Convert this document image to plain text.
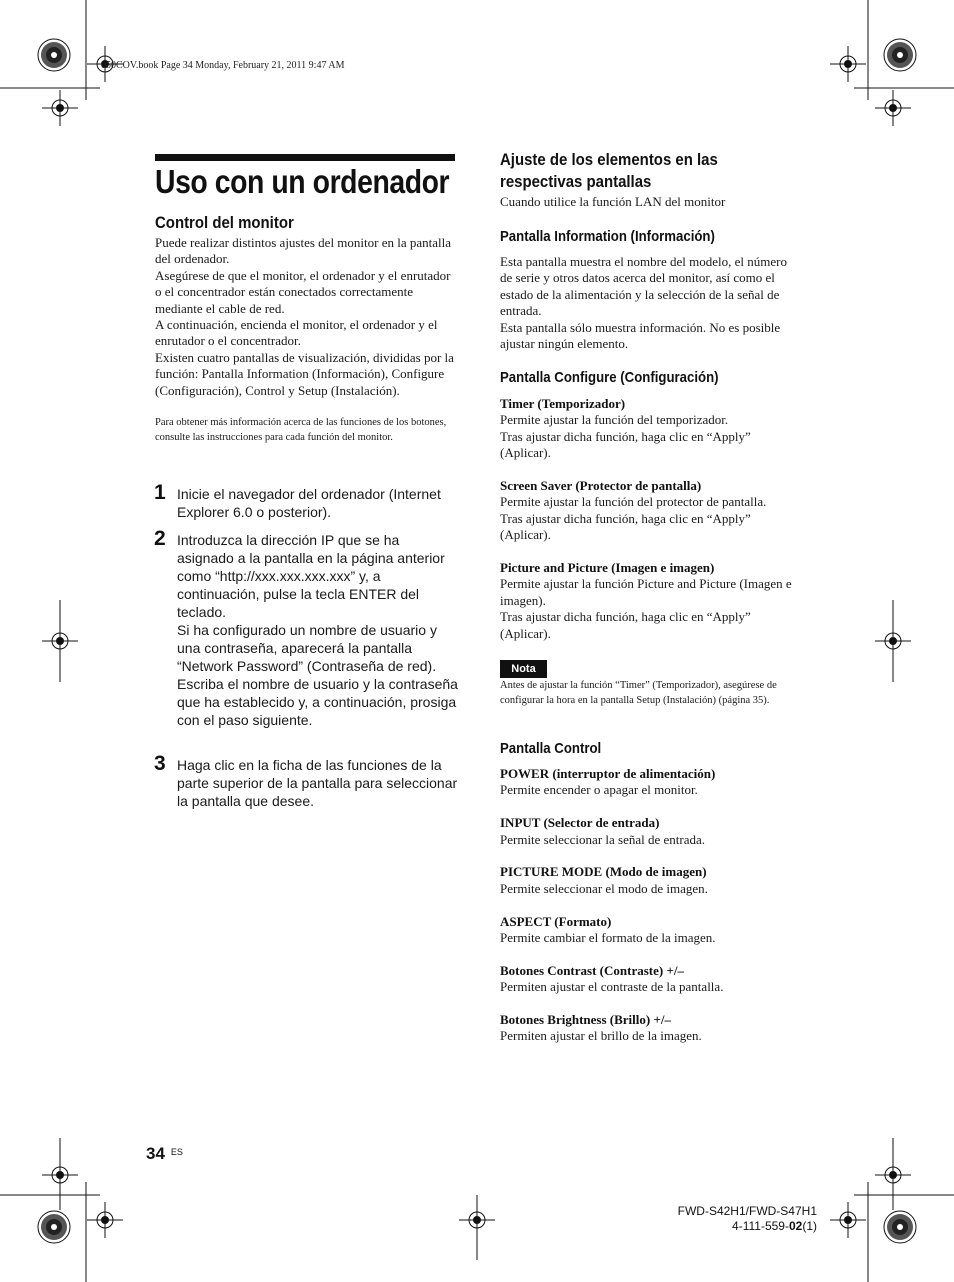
050COV.book Page 34 Monday, February 21, 2011 9:47 AM
Uso con un ordenador
Control del monitor

Puede realizar distintos ajustes del monitor en la pantalla del ordenador.

Asegúrese de que el monitor, el ordenador y el enrutador o el concentrador están conectados correctamente mediante el cable de red.

A continuación, encienda el monitor, el ordenador y el enrutador o el concentrador.

Existen cuatro pantallas de visualización, divididas por la función: Pantalla Information (Información), Configure (Configuración), Control y Setup (Instalación).

Para obtener más información acerca de las funciones de los botones, consulte las instrucciones para cada función del monitor.
1 Inicie el navegador del ordenador (Internet Explorer 6.0 o posterior).
2 Introduzca la dirección IP que se ha asignado a la pantalla en la página anterior como “http://xxx.xxx.xxx.xxx” y, a continuación, pulse la tecla ENTER del teclado.
Si ha configurado un nombre de usuario y una contraseña, aparecerá la pantalla “Network Password” (Contraseña de red). Escriba el nombre de usuario y la contraseña que ha establecido y, a continuación, prosiga con el paso siguiente.
3 Haga clic en la ficha de las funciones de la parte superior de la pantalla para seleccionar la pantalla que desee.
Ajuste de los elementos en las
respectivas pantallas
Cuando utilice la función LAN del monitor
Pantalla Information (Información)

Esta pantalla muestra el nombre del modelo, el número de serie y otros datos acerca del monitor, así como el estado de la alimentación y la selección de la señal de entrada.

Esta pantalla sólo muestra información. No es posible ajustar ningún elemento.

Pantalla Configure (Configuración)
Timer (Temporizador)

Permite ajustar la función del temporizador.

Tras ajustar dicha función, haga clic en “Apply” (Aplicar).

Screen Saver (Protector de pantalla)

Permite ajustar la función del protector de pantalla.

Tras ajustar dicha función, haga clic en “Apply” (Aplicar).

Picture and Picture (Imagen e imagen)

Permite ajustar la función Picture and Picture (Imagen e imagen).

Tras ajustar dicha función, haga clic en “Apply” (Aplicar).

Nota
Antes de ajustar la función “Timer” (Temporizador), asegúrese de configurar la hora en la pantalla Setup (Instalación) (página 35).
Pantalla Control
POWER (interruptor de alimentación)

Permite encender o apagar el monitor.

INPUT (Selector de entrada)

Permite seleccionar la señal de entrada.

PICTURE MODE (Modo de imagen)

Permite seleccionar el modo de imagen.

ASPECT (Formato)

Permite cambiar el formato de la imagen.

Botones Contrast (Contraste) +/–

Permiten ajustar el contraste de la pantalla.

Botones Brightness (Brillo) +/–

Permiten ajustar el brillo de la imagen.

34 $^{ES}$
FWD-S42H1/FWD-S47H1
4-111-559-02(1)
